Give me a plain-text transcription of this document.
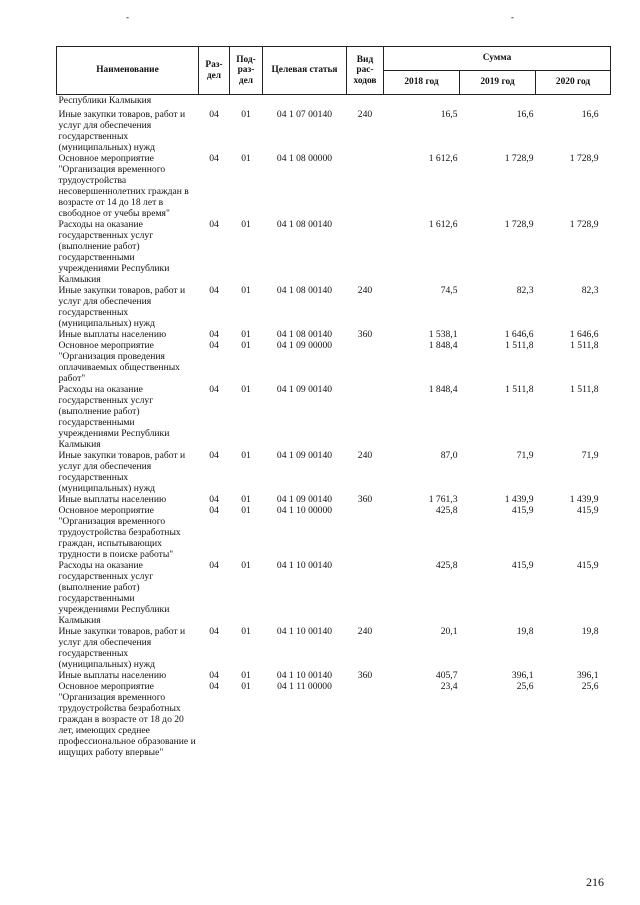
-	-
Наименование	Раз- дел	Под- раз- дел	Целевая статья	Вид рас- ходов	Сумма		
					2018 год	2019 год	2020 год
Республики Калмыкия							
Иные закупки товаров, работ и услуг для обеспечения государственных (муниципальных) нужд	04	01	04 1 07 00140	240	16,5	16,6	16,6
Основное мероприятие "Организация временного трудоустройства несовершеннолетних граждан в возрасте от 14 до 18 лет в свободное от учебы время"	04	01	04 1 08 00000		1 612,6	1 728,9	1 728,9
Расходы на оказание государственных услуг (выполнение работ) государственными учреждениями Республики Калмыкия	04	01	04 1 08 00140		1 612,6	1 728,9	1 728,9
Иные закупки товаров, работ и услуг для обеспечения государственных (муниципальных) нужд	04	01	04 1 08 00140	240	74,5	82,3	82,3
Иные выплаты населению	04	01	04 1 08 00140	360	1 538,1	1 646,6	1 646,6
Основное мероприятие "Организация проведения оплачиваемых общественных работ"	04	01	04 1 09 00000		1 848,4	1 511,8	1 511,8
Расходы на оказание государственных услуг (выполнение работ) государственными учреждениями Республики Калмыкия	04	01	04 1 09 00140		1 848,4	1 511,8	1 511,8
Иные закупки товаров, работ и услуг для обеспечения государственных (муниципальных) нужд	04	01	04 1 09 00140	240	87,0	71,9	71,9
Иные выплаты населению	04	01	04 1 09 00140	360	1 761,3	1 439,9	1 439,9
Основное мероприятие "Организация временного трудоустройства безработных граждан, испытывающих трудности в поиске работы"	04	01	04 1 10 00000		425,8	415,9	415,9
Расходы на оказание государственных услуг (выполнение работ) государственными учреждениями Республики Калмыкия	04	01	04 1 10 00140		425,8	415,9	415,9
Иные закупки товаров, работ и услуг для обеспечения государственных (муниципальных) нужд	04	01	04 1 10 00140	240	20,1	19,8	19,8
Иные выплаты населению	04	01	04 1 10 00140	360	405,7	396,1	396,1
Основное мероприятие "Организация временного трудоустройства безработных граждан в возрасте от 18 до 20 лет, имеющих среднее профессиональное образование и ищущих работу впервые"	04	01	04 1 11 00000		23,4	25,6	25,6
216
